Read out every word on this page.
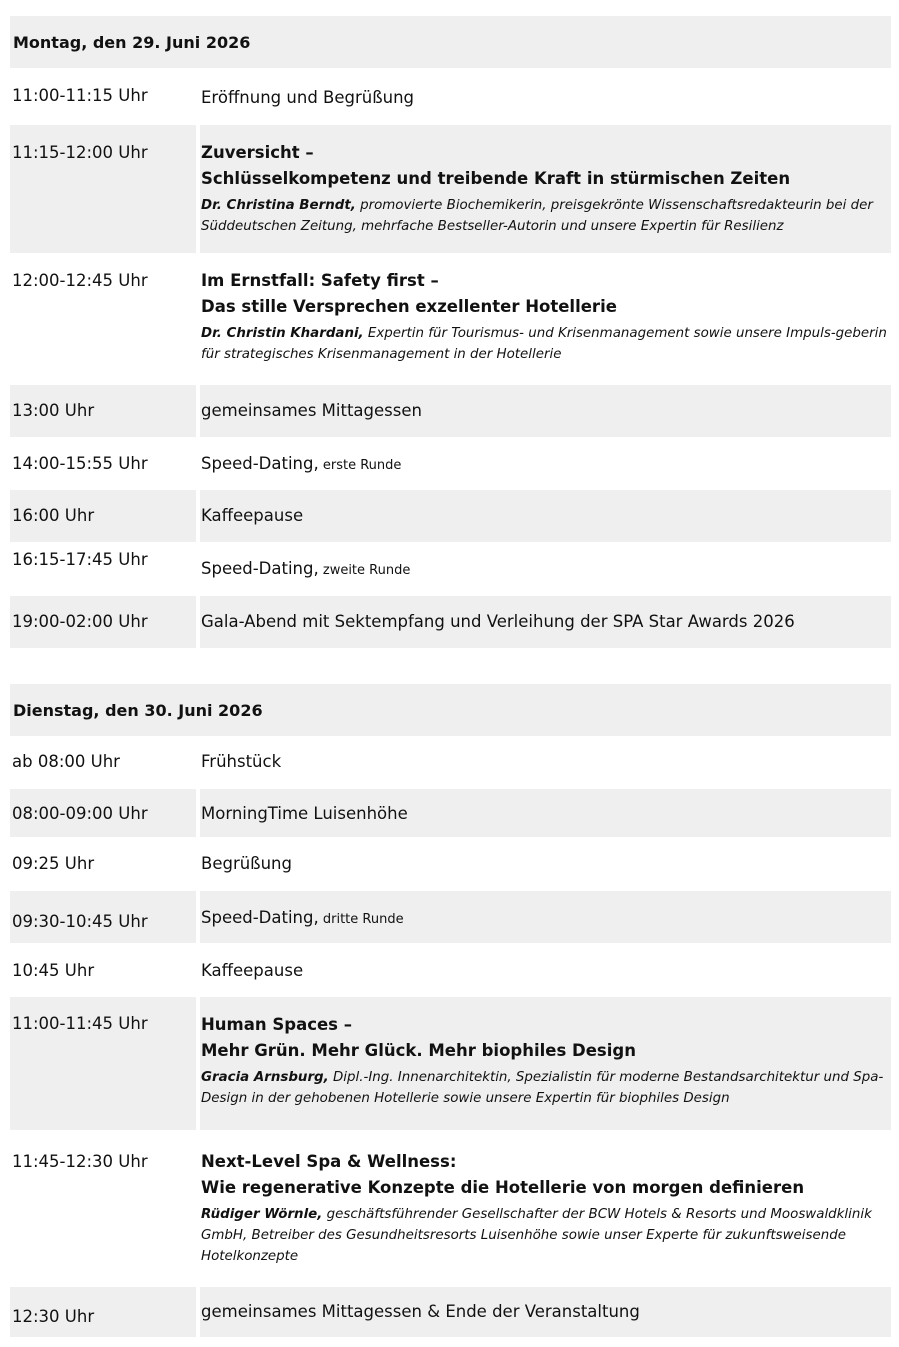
Montag, den 29. Juni 2026
11:00-11:15 Uhr	Eröffnung und Begrüßung
11:15-12:00 Uhr	Zuversicht –
Schlüsselkompetenz und treibende Kraft in stürmischen Zeiten
Dr. Christina Berndt, promovierte Biochemikerin, preisgekrönte Wissenschaftsredakteurin bei der Süddeutschen Zeitung, mehrfache Bestseller-Autorin und unsere Expertin für Resilienz
12:00-12:45 Uhr	Im Ernstfall: Safety first –
Das stille Versprechen exzellenter Hotellerie
Dr. Christin Khardani, Expertin für Tourismus- und Krisenmanagement sowie unsere Impuls-geberin für strategisches Krisenmanagement in der Hotellerie
13:00 Uhr	gemeinsames Mittagessen
14:00-15:55 Uhr	Speed-Dating, erste Runde
16:00 Uhr	Kaffeepause
16:15-17:45 Uhr	Speed-Dating, zweite Runde
19:00-02:00 Uhr	Gala-Abend mit Sektempfang und Verleihung der SPA Star Awards 2026
Dienstag, den 30. Juni 2026
ab 08:00 Uhr	Frühstück
08:00-09:00 Uhr	MorningTime Luisenhöhe
09:25 Uhr	Begrüßung
09:30-10:45 Uhr	Speed-Dating, dritte Runde
10:45 Uhr	Kaffeepause
11:00-11:45 Uhr	Human Spaces –
Mehr Grün. Mehr Glück. Mehr biophiles Design
Gracia Arnsburg, Dipl.-Ing. Innenarchitektin, Spezialistin für moderne Bestandsarchitektur und Spa-Design in der gehobenen Hotellerie sowie unsere Expertin für biophiles Design
11:45-12:30 Uhr	Next-Level Spa & Wellness:
Wie regenerative Konzepte die Hotellerie von morgen definieren
Rüdiger Wörnle, geschäftsführender Gesellschafter der BCW Hotels & Resorts und Mooswaldklinik GmbH, Betreiber des Gesundheitsresorts Luisenhöhe sowie unser Experte für zukunftsweisende Hotelkonzepte
12:30 Uhr	gemeinsames Mittagessen & Ende der Veranstaltung
